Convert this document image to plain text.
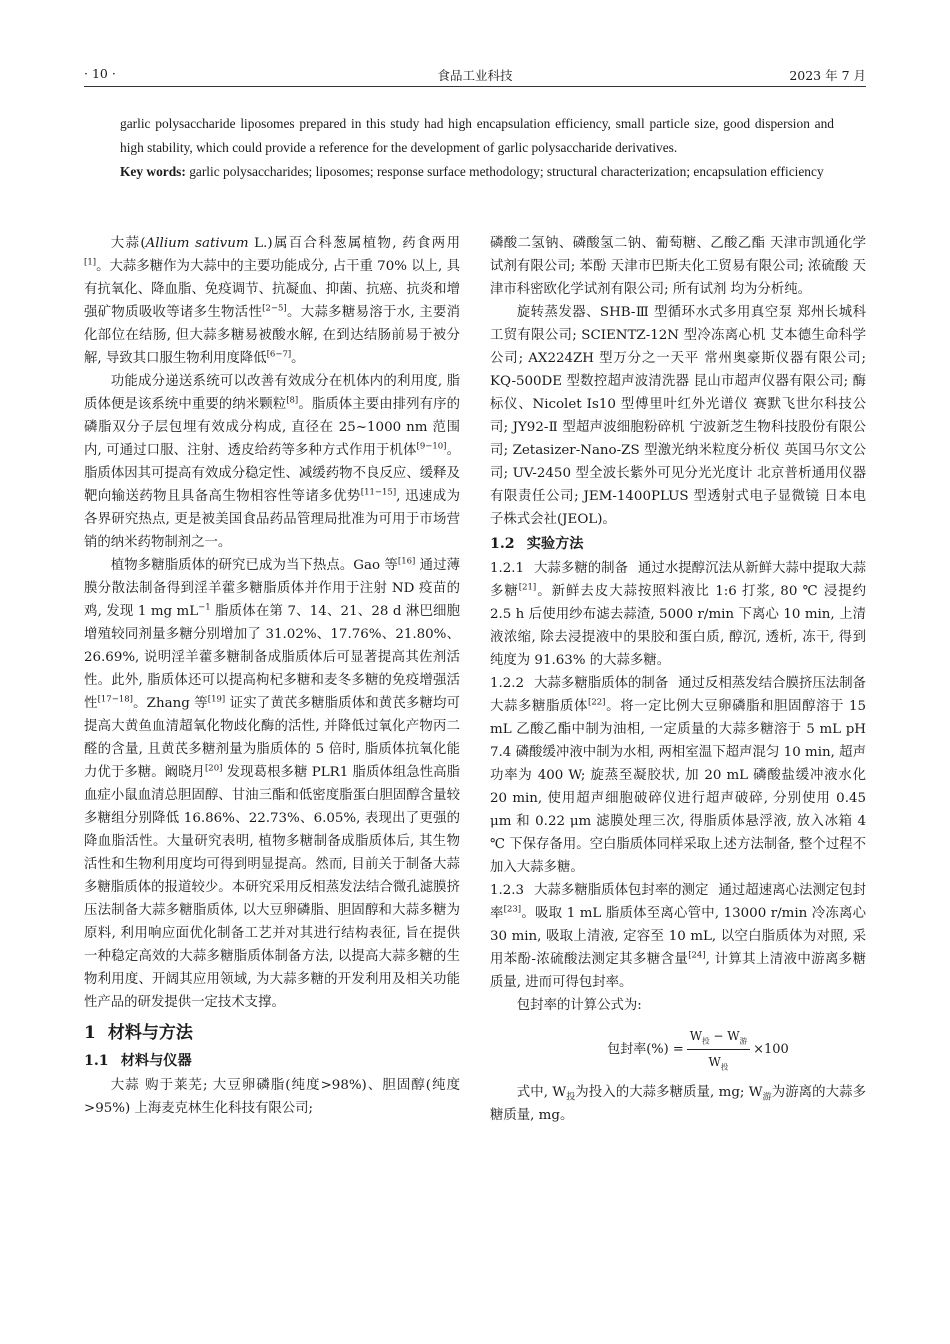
· 10 ·	食品工业科技	2023 年 7 月

garlic polysaccharide liposomes prepared in this study had high encapsulation efficiency, small particle size, good dispersion and high stability, which could provide a reference for the development of garlic polysaccharide derivatives.

Key words: garlic polysaccharides; liposomes; response surface methodology; structural characterization; encapsulation efficiency

大蒜(Allium sativum L.)属百合科葱属植物, 药食两用[1]。大蒜多糖作为大蒜中的主要功能成分, 占干重 70% 以上, 具有抗氧化、降血脂、免疫调节、抗凝血、抑菌、抗癌、抗炎和增强矿物质吸收等诸多生物活性[2−5]。大蒜多糖易溶于水, 主要消化部位在结肠, 但大蒜多糖易被酸水解, 在到达结肠前易于被分解, 导致其口服生物利用度降低[6−7]。

功能成分递送系统可以改善有效成分在机体内的利用度, 脂质体便是该系统中重要的纳米颗粒[8]。脂质体主要由排列有序的磷脂双分子层包埋有效成分构成, 直径在 25~1000 nm 范围内, 可通过口服、注射、透皮给药等多种方式作用于机体[9−10]。脂质体因其可提高有效成分稳定性、减缓药物不良反应、缓释及靶向输送药物且具备高生物相容性等诸多优势[11−15], 迅速成为各界研究热点, 更是被美国食品药品管理局批准为可用于市场营销的纳米药物制剂之一。

植物多糖脂质体的研究已成为当下热点。Gao 等[16] 通过薄膜分散法制备得到淫羊藿多糖脂质体并作用于注射 ND 疫苗的鸡, 发现 1 mg $mL^{-1}$ 脂质体在第 7、14、21、28 d 淋巴细胞增殖较同剂量多糖分别增加了 31.02%、17.76%、21.80%、26.69%, 说明淫羊藿多糖制备成脂质体后可显著提高其佐剂活性。此外, 脂质体还可以提高枸杞多糖和麦冬多糖的免疫增强活性[17−18]。Zhang 等[19] 证实了黄芪多糖脂质体和黄芪多糖均可提高大黄鱼血清超氧化物歧化酶的活性, 并降低过氧化产物丙二醛的含量, 且黄芪多糖剂量为脂质体的 5 倍时, 脂质体抗氧化能力优于多糖。阚晓月[20] 发现葛根多糖 PLR1 脂质体组急性高脂血症小鼠血清总胆固醇、甘油三酯和低密度脂蛋白胆固醇含量较多糖组分别降低 16.86%、22.73%、6.05%, 表现出了更强的降血脂活性。大量研究表明, 植物多糖制备成脂质体后, 其生物活性和生物利用度均可得到明显提高。然而, 目前关于制备大蒜多糖脂质体的报道较少。本研究采用反相蒸发法结合微孔滤膜挤压法制备大蒜多糖脂质体, 以大豆卵磷脂、胆固醇和大蒜多糖为原料, 利用响应面优化制备工艺并对其进行结构表征, 旨在提供一种稳定高效的大蒜多糖脂质体制备方法, 以提高大蒜多糖的生物利用度、开阔其应用领域, 为大蒜多糖的开发利用及相关功能性产品的研发提供一定技术支撑。

1 材料与方法
1.1 材料与仪器

大蒜 购于莱芜; 大豆卵磷脂(纯度>98%)、胆固醇(纯度>95%) 上海麦克林生化科技有限公司;

磷酸二氢钠、磷酸氢二钠、葡萄糖、乙酸乙酯 天津市凯通化学试剂有限公司; 苯酚 天津市巴斯夫化工贸易有限公司; 浓硫酸 天津市科密欧化学试剂有限公司; 所有试剂 均为分析纯。

旋转蒸发器、SHB-Ⅲ 型循环水式多用真空泵 郑州长城科工贸有限公司; SCIENTZ-12N 型冷冻离心机 艾本德生命科学公司; AX224ZH 型万分之一天平 常州奥豪斯仪器有限公司; KQ-500DE 型数控超声波清洗器 昆山市超声仪器有限公司; 酶标仪、Nicolet Is10 型傅里叶红外光谱仪 赛默飞世尔科技公司; JY92-Ⅱ 型超声波细胞粉碎机 宁波新芝生物科技股份有限公司; Zetasizer-Nano-ZS 型激光纳米粒度分析仪 英国马尔文公司; UV-2450 型全波长紫外可见分光光度计 北京普析通用仪器有限责任公司; JEM-1400PLUS 型透射式电子显微镜 日本电子株式会社(JEOL)。

1.2 实验方法

1.2.1 大蒜多糖的制备 通过水提醇沉法从新鲜大蒜中提取大蒜多糖[21]。新鲜去皮大蒜按照料液比 1:6 打浆, 80 ℃ 浸提约 2.5 h 后使用纱布滤去蒜渣, 5000 r/min 下离心 10 min, 上清液浓缩, 除去浸提液中的果胶和蛋白质, 醇沉, 透析, 冻干, 得到纯度为 91.63% 的大蒜多糖。

1.2.2 大蒜多糖脂质体的制备 通过反相蒸发结合膜挤压法制备大蒜多糖脂质体[22]。将一定比例大豆卵磷脂和胆固醇溶于 15 mL 乙酸乙酯中制为油相, 一定质量的大蒜多糖溶于 5 mL pH 7.4 磷酸缓冲液中制为水相, 两相室温下超声混匀 10 min, 超声功率为 400 W; 旋蒸至凝胶状, 加 20 mL 磷酸盐缓冲液水化 20 min, 使用超声细胞破碎仪进行超声破碎, 分别使用 0.45 μm 和 0.22 μm 滤膜处理三次, 得脂质体悬浮液, 放入冰箱 4 ℃ 下保存备用。空白脂质体同样采取上述方法制备, 整个过程不加入大蒜多糖。

1.2.3 大蒜多糖脂质体包封率的测定 通过超速离心法测定包封率[23]。吸取 1 mL 脂质体至离心管中, 13000 r/min 冷冻离心 30 min, 吸取上清液, 定容至 10 mL, 以空白脂质体为对照, 采用苯酚-浓硫酸法测定其多糖含量[24], 计算其上清液中游离多糖质量, 进而可得包封率。

包封率的计算公式为:

包封率(%) = $\frac{W_投 - W_游}{W_投} \times 100$

式中, $W_投$为投入的大蒜多糖质量, mg; $W_游$为游离的大蒜多糖质量, mg。
